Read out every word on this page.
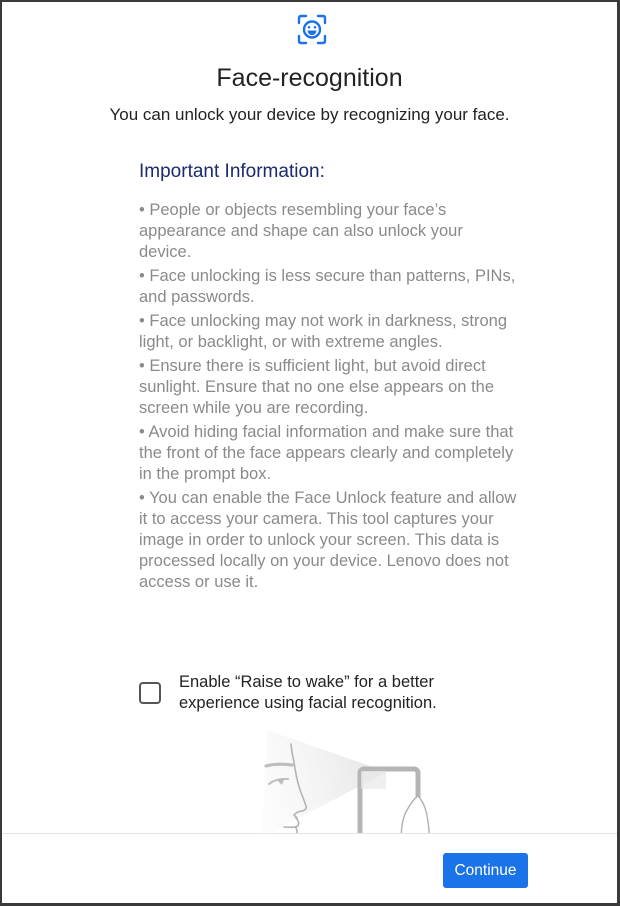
Face-recognition
You can unlock your device by recognizing your face.
Important Information:
• People or objects resembling your face’s appearance and shape can also unlock your device.
• Face unlocking is less secure than patterns, PINs, and passwords.
• Face unlocking may not work in darkness, strong light, or backlight, or with extreme angles.
• Ensure there is sufficient light, but avoid direct sunlight. Ensure that no one else appears on the screen while you are recording.
• Avoid hiding facial information and make sure that the front of the face appears clearly and completely in the prompt box.
• You can enable the Face Unlock feature and allow it to access your camera. This tool captures your image in order to unlock your screen. This data is processed locally on your device. Lenovo does not access or use it.
Enable “Raise to wake” for a better experience using facial recognition.
Continue
